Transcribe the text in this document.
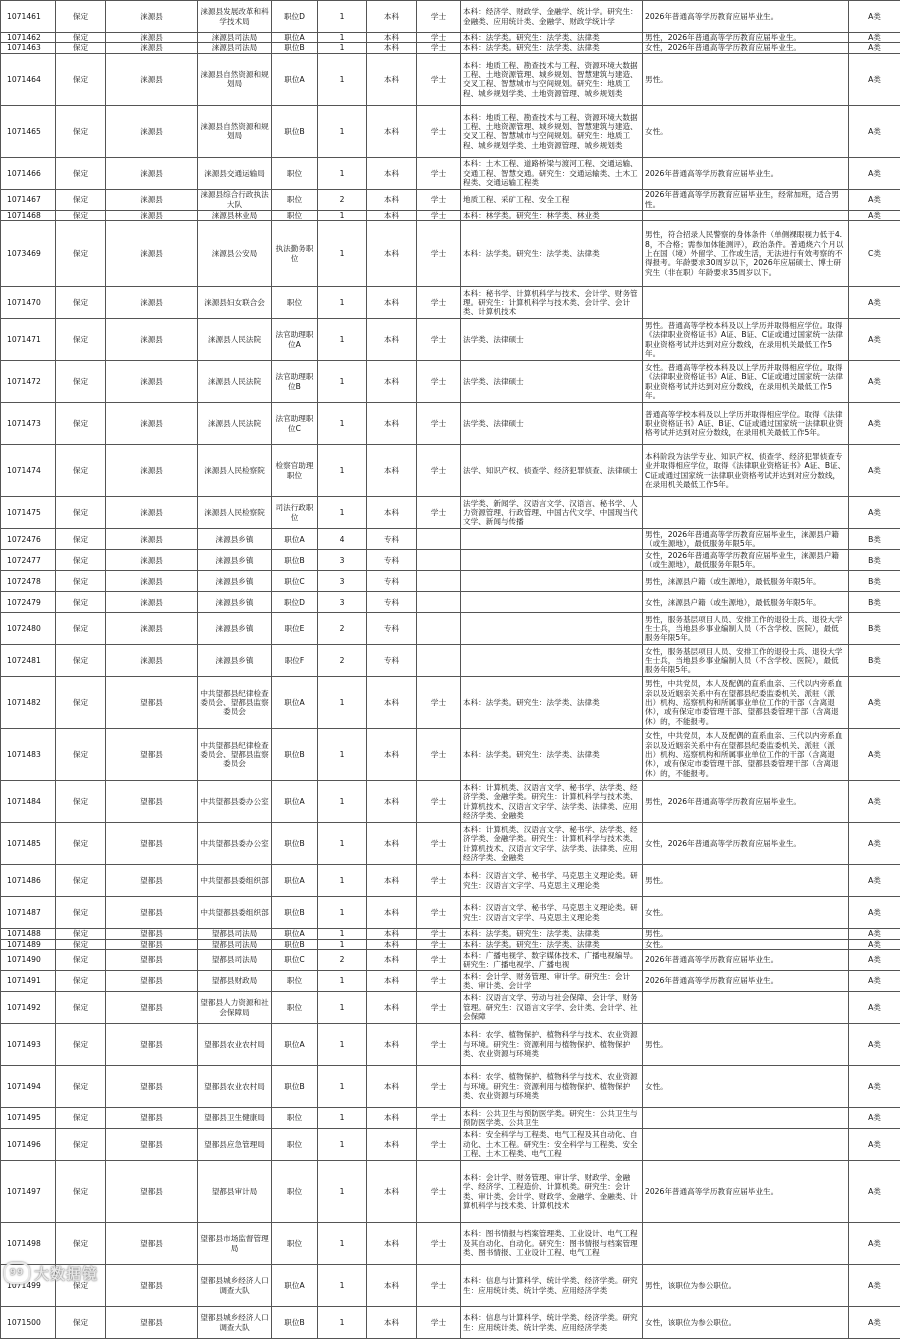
1071461	保定	涞源县	涞源县发展改革和科学技术局	职位D	1	本科	学士	本科：经济学、财政学、金融学、统计学。研究生：金融类、应用统计类、金融学、财政学统计学	2026年普通高等学历教育应届毕业生。	A类
1071462	保定	涞源县	涞源县司法局	职位A	1	本科	学士	本科：法学类。研究生：法学类、法律类	男性，2026年普通高等学历教育应届毕业生。	A类
1071463	保定	涞源县	涞源县司法局	职位B	1	本科	学士	本科：法学类。研究生：法学类、法律类	女性，2026年普通高等学历教育应届毕业生。	A类
1071464	保定	涞源县	涞源县自然资源和规划局	职位A	1	本科	学士	本科：地质工程、勘查技术与工程、资源环境大数据工程、土地资源管理、城乡规划、智慧建筑与建造、交叉工程、智慧城市与空间规划。研究生：地质工程、城乡规划学类、土地资源管理、城乡规划类	男性。	A类
1071465	保定	涞源县	涞源县自然资源和规划局	职位B	1	本科	学士	本科：地质工程、勘查技术与工程、资源环境大数据工程、土地资源管理、城乡规划、智慧建筑与建造、交叉工程、智慧城市与空间规划。研究生：地质工程、城乡规划学类、土地资源管理、城乡规划类	女性。	A类
1071466	保定	涞源县	涞源县交通运输局	职位	1	本科	学士	本科：土木工程、道路桥梁与渡河工程、交通运输、交通工程、智慧交通。研究生：交通运输类、土木工程类、交通运输工程类	2026年普通高等学历教育应届毕业生。	A类
1071467	保定	涞源县	涞源县综合行政执法大队	职位	2	本科	学士	地质工程、采矿工程、安全工程	2026年普通高等学历教育应届毕业生，经常加班，适合男性。	A类
1071468	保定	涞源县	涞源县林业局	职位	1	本科	学士	本科：林学类。研究生：林学类、林业类		A类
1073469	保定	涞源县	涞源县公安局	执法勤务职位	1	本科	学士	本科：法学类。研究生：法学类、法律类	男性，符合招录人民警察的身体条件（单侧裸眼视力低于4.8，不合格；需参加体能测评），政治条件。普通烧六个月以上在国（境）外留学、工作或生活，无法进行有效考察的不得报考。年龄要求30周岁以下，2026年应届硕士、博士研究生（非在职）年龄要求35周岁以下。	C类
1071470	保定	涞源县	涞源县妇女联合会	职位	1	本科	学士	本科：秘书学、计算机科学与技术、会计学、财务管理。研究生：计算机科学与技术类、会计学、会计类、计算机技术		A类
1071471	保定	涞源县	涞源县人民法院	法官助理职位A	1	本科	学士	法学类、法律硕士	男性。普通高等学校本科及以上学历并取得相应学位。取得《法律职业资格证书》A证、B证、C证或通过国家统一法律职业资格考试并达到对应分数线，在录用机关最低工作5年。	A类
1071472	保定	涞源县	涞源县人民法院	法官助理职位B	1	本科	学士	法学类、法律硕士	女性。普通高等学校本科及以上学历并取得相应学位。取得《法律职业资格证书》A证、B证、C证或通过国家统一法律职业资格考试并达到对应分数线，在录用机关最低工作5年。	A类
1071473	保定	涞源县	涞源县人民法院	法官助理职位C	1	本科	学士	法学类、法律硕士	普通高等学校本科及以上学历并取得相应学位。取得《法律职业资格证书》A证、B证、C证或通过国家统一法律职业资格考试并达到对应分数线，在录用机关最低工作5年。	A类
1071474	保定	涞源县	涞源县人民检察院	检察官助理职位	1	本科	学士	法学、知识产权、侦查学、经济犯罪侦查、法律硕士	本科阶段为法学专业、知识产权、侦查学、经济犯罪侦查专业并取得相应学位，取得《法律职业资格证书》A证、B证、C证或通过国家统一法律职业资格考试并达到对应分数线，在录用机关最低工作5年。	A类
1071475	保定	涞源县	涞源县人民检察院	司法行政职位	1	本科	学士	法学类、新闻学、汉语言文学、汉语言、秘书学、人力资源管理、行政管理、中国古代文学、中国现当代文学、新闻与传播		A类
1072476	保定	涞源县	涞源县乡镇	职位A	4	专科			男性，2026年普通高等学历教育应届毕业生，涞源县户籍（或生源地），最低服务年限5年。	B类
1072477	保定	涞源县	涞源县乡镇	职位B	3	专科			女性，2026年普通高等学历教育应届毕业生，涞源县户籍（或生源地），最低服务年限5年。	B类
1072478	保定	涞源县	涞源县乡镇	职位C	3	专科			男性，涞源县户籍（或生源地），最低服务年限5年。	B类
1072479	保定	涞源县	涞源县乡镇	职位D	3	专科			女性，涞源县户籍（或生源地），最低服务年限5年。	B类
1072480	保定	涞源县	涞源县乡镇	职位E	2	专科			男性，服务基层项目人员、安排工作的退役士兵、退役大学生士兵，当地县乡事业编制人员（不含学校、医院），最低服务年限5年。	B类
1072481	保定	涞源县	涞源县乡镇	职位F	2	专科			女性，服务基层项目人员、安排工作的退役士兵、退役大学生士兵，当地县乡事业编制人员（不含学校、医院），最低服务年限5年。	B类
1071482	保定	望都县	中共望都县纪律检查委员会、望都县监察委员会	职位A	1	本科	学士	本科：法学类。研究生：法学类、法律类	男性，中共党员，本人及配偶的直系血亲、三代以内旁系血亲以及近姻亲关系中有在望都县纪委监委机关、派驻（派出）机构、巡察机构和所属事业单位工作的干部（含离退休），或有保定市委管理干部、望都县委管理干部（含离退休）的，不能报考。	A类
1071483	保定	望都县	中共望都县纪律检查委员会、望都县监察委员会	职位B	1	本科	学士	本科：法学类。研究生：法学类、法律类	女性，中共党员，本人及配偶的直系血亲、三代以内旁系血亲以及近姻亲关系中有在望都县纪委监委机关、派驻（派出）机构、巡察机构和所属事业单位工作的干部（含离退休），或有保定市委管理干部、望都县委管理干部（含离退休）的，不能报考。	A类
1071484	保定	望都县	中共望都县委办公室	职位A	1	本科	学士	本科：计算机类、汉语言文学、秘书学、法学类、经济学类、金融学类。研究生：计算机科学与技术类、计算机技术、汉语言文字学、法学类、法律类、应用经济学类、金融类	男性，2026年普通高等学历教育应届毕业生。	A类
1071485	保定	望都县	中共望都县委办公室	职位B	1	本科	学士	本科：计算机类、汉语言文学、秘书学、法学类、经济学类、金融学类。研究生：计算机科学与技术类、计算机技术、汉语言文字学、法学类、法律类、应用经济学类、金融类	女性，2026年普通高等学历教育应届毕业生。	A类
1071486	保定	望都县	中共望都县委组织部	职位A	1	本科	学士	本科：汉语言文学、秘书学、马克思主义理论类。研究生：汉语言文字学、马克思主义理论类	男性。	A类
1071487	保定	望都县	中共望都县委组织部	职位B	1	本科	学士	本科：汉语言文学、秘书学、马克思主义理论类。研究生：汉语言文字学、马克思主义理论类	女性。	A类
1071488	保定	望都县	望都县司法局	职位A	1	本科	学士	本科：法学类。研究生：法学类、法律类	男性。	A类
1071489	保定	望都县	望都县司法局	职位B	1	本科	学士	本科：法学类。研究生：法学类、法律类	女性。	A类
1071490	保定	望都县	望都县司法局	职位C	2	本科	学士	本科：广播电视学、数字媒体技术、广播电视编导。研究生：广播电视学、广播电视	2026年普通高等学历教育应届毕业生。	A类
1071491	保定	望都县	望都县财政局	职位	1	本科	学士	本科：会计学、财务管理、审计学。研究生：会计类、审计类、会计学	2026年普通高等学历教育应届毕业生。	A类
1071492	保定	望都县	望都县人力资源和社会保障局	职位	1	本科	学士	本科：汉语言文学、劳动与社会保障、会计学、财务管理。研究生：汉语言文字学、会计类、会计学、社会保障		A类
1071493	保定	望都县	望都县农业农村局	职位A	1	本科	学士	本科：农学、植物保护、植物科学与技术、农业资源与环境。研究生：资源利用与植物保护、植物保护类、农业资源与环境类	男性。	A类
1071494	保定	望都县	望都县农业农村局	职位B	1	本科	学士	本科：农学、植物保护、植物科学与技术、农业资源与环境。研究生：资源利用与植物保护、植物保护类、农业资源与环境类	女性。	A类
1071495	保定	望都县	望都县卫生健康局	职位	1	本科	学士	本科：公共卫生与预防医学类。研究生：公共卫生与预防医学类、公共卫生		A类
1071496	保定	望都县	望都县应急管理局	职位	1	本科	学士	本科：安全科学与工程类、电气工程及其自动化、自动化、土木工程。研究生：安全科学与工程类、安全工程、土木工程类、电气工程		A类
1071497	保定	望都县	望都县审计局	职位	1	本科	学士	本科：会计学、财务管理、审计学、财政学、金融学、经济学、工程造价、计算机类。研究生：会计类、审计类、会计学、财政学、金融学、金融类、计算机科学与技术类、计算机技术	2026年普通高等学历教育应届毕业生。	A类
1071498	保定	望都县	望都县市场监督管理局	职位	1	本科	学士	本科：图书情报与档案管理类、工业设计、电气工程及其自动化、自动化。研究生：图书情报与档案管理类、图书情报、工业设计工程、电气工程		A类
1071499	保定	望都县	望都县城乡经济人口调查大队	职位A	1	本科	学士	本科：信息与计算科学、统计学类、经济学类。研究生：应用统计类、统计学类、应用经济学类	男性，该职位为参公职位。	A类
1071500	保定	望都县	望都县城乡经济人口调查大队	职位B	1	本科	学士	本科：信息与计算科学、统计学类、经济学类。研究生：应用统计类、统计学类、应用经济学类	女性，该职位为参公职位。	A类
99 大数据镜
